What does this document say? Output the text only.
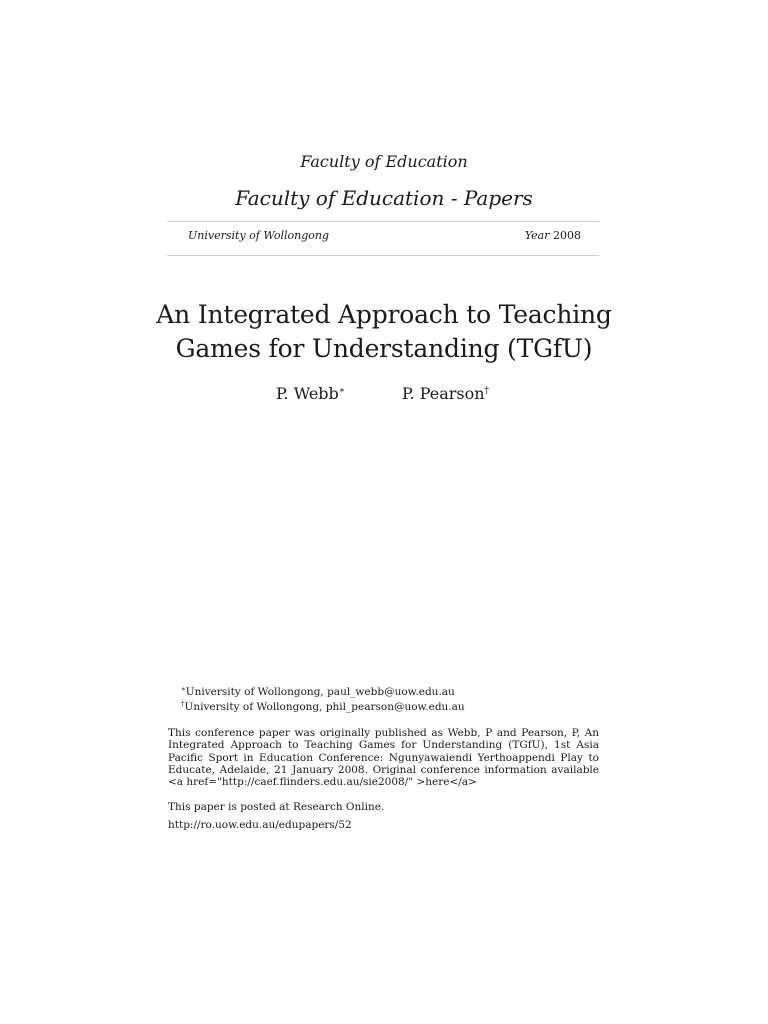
Faculty of Education
Faculty of Education - Papers
University of Wollongong	Year 2008
An Integrated Approach to Teaching
Games for Understanding (TGfU)
P. Webb∗	P. Pearson†
∗University of Wollongong, paul_webb@uow.edu.au
†University of Wollongong, phil_pearson@uow.edu.au
This conference paper was originally published as Webb, P and Pearson, P, An Integrated Approach to Teaching Games for Understanding (TGfU), 1st Asia Pacific Sport in Education Conference: Ngunyawaiendi Yerthoappendi Play to Educate, Adelaide, 21 January 2008. Original conference information available <a href="http://caef.flinders.edu.au/sie2008/" >here</a>
This paper is posted at Research Online.
http://ro.uow.edu.au/edupapers/52
